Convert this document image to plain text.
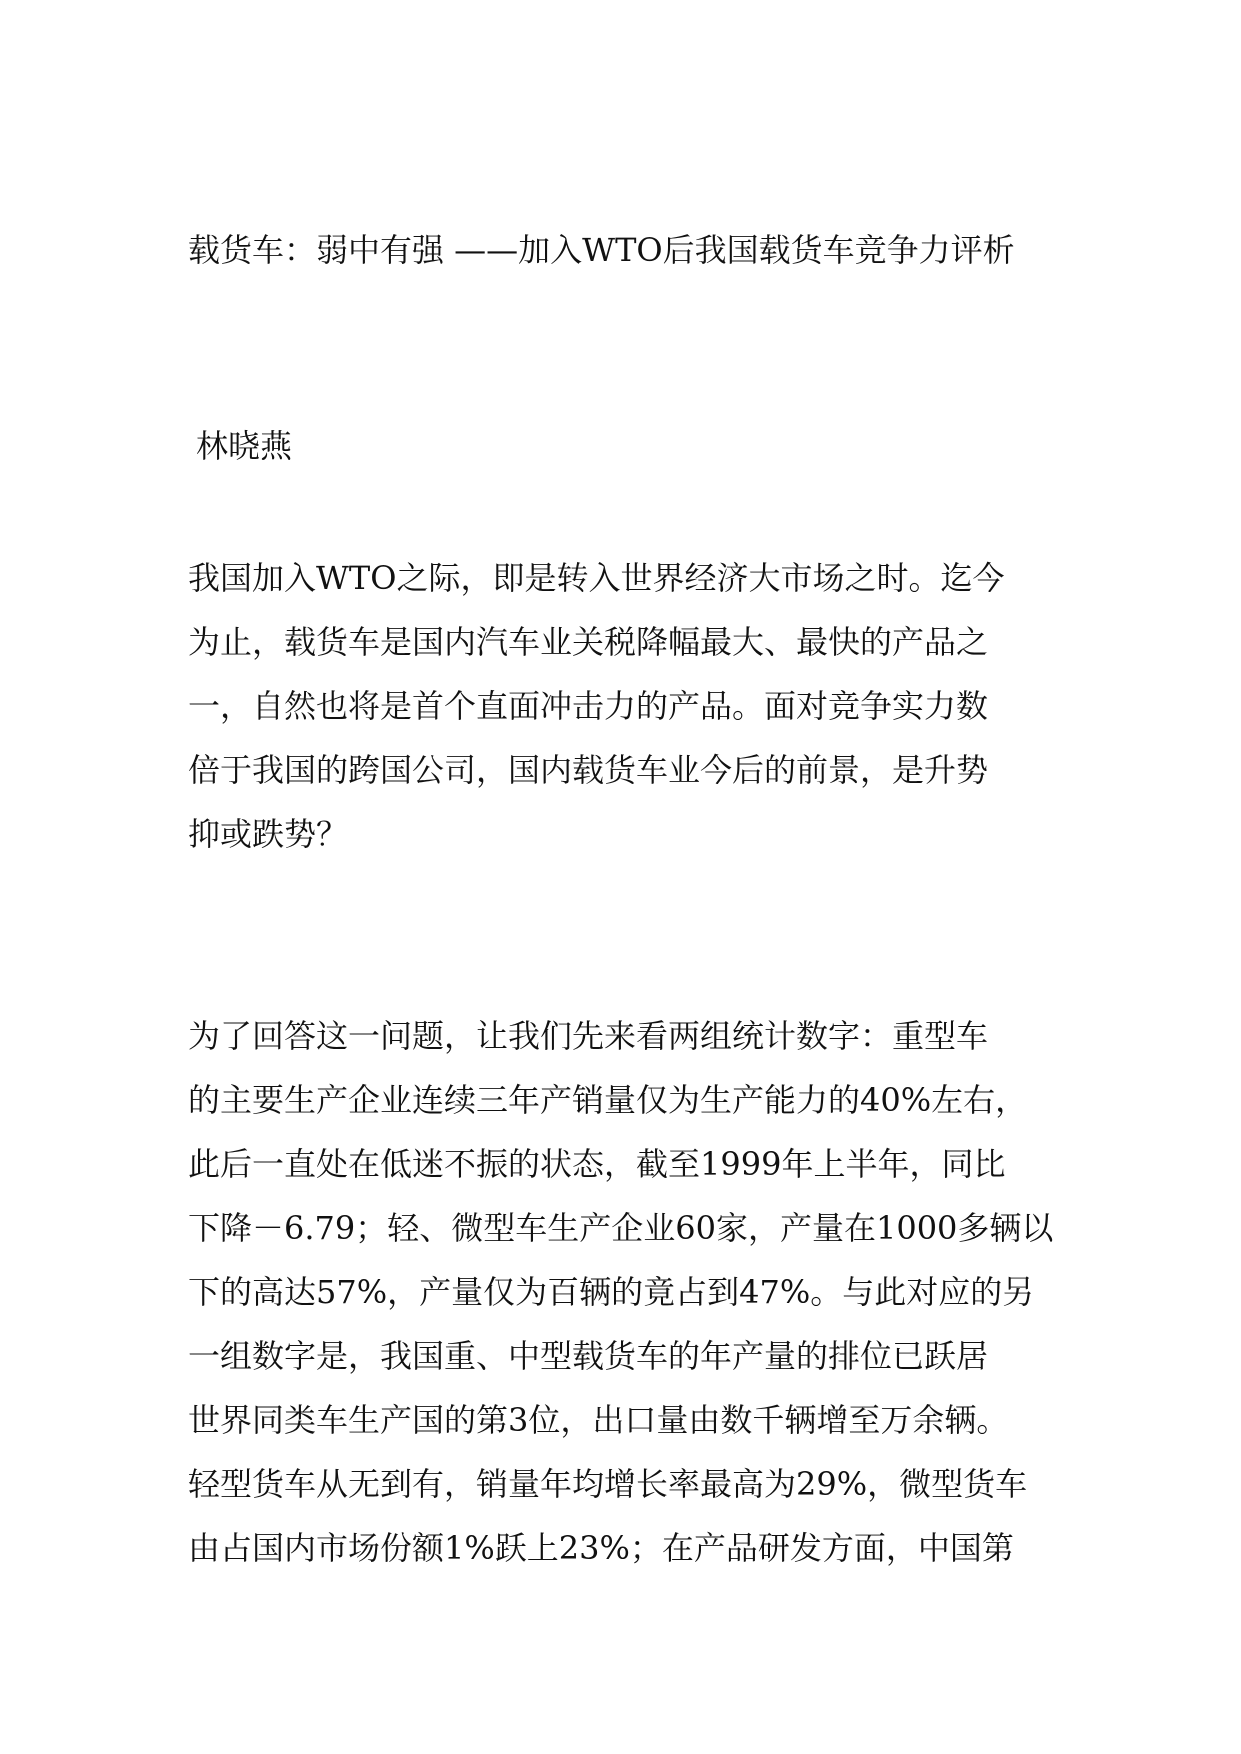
载货车：弱中有强 ——加入WTO后我国载货车竞争力评析
林晓燕
我国加入WTO之际，即是转入世界经济大市场之时。迄今
为止，载货车是国内汽车业关税降幅最大、最快的产品之
一，自然也将是首个直面冲击力的产品。面对竞争实力数
倍于我国的跨国公司，国内载货车业今后的前景，是升势
抑或跌势？
为了回答这一问题，让我们先来看两组统计数字：重型车
的主要生产企业连续三年产销量仅为生产能力的40%左右，
此后一直处在低迷不振的状态，截至1999年上半年，同比
下降－6.79；轻、微型车生产企业60家，产量在1000多辆以
下的高达57%，产量仅为百辆的竟占到47%。与此对应的另
一组数字是，我国重、中型载货车的年产量的排位已跃居
世界同类车生产国的第3位，出口量由数千辆增至万余辆。
轻型货车从无到有，销量年均增长率最高为29%，微型货车
由占国内市场份额1%跃上23%；在产品研发方面，中国第
